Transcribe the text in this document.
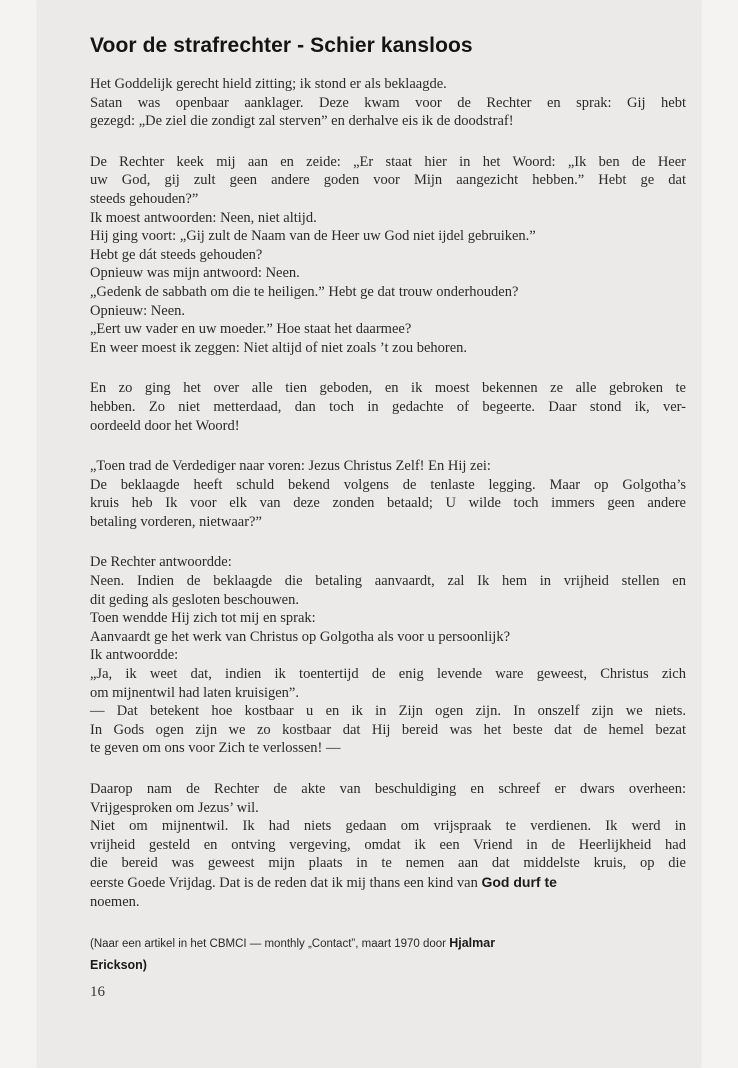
Voor de strafrechter - Schier kansloos
Het Goddelijk gerecht hield zitting; ik stond er als beklaagde.
Satan was openbaar aanklager. Deze kwam voor de Rechter en sprak: Gij hebt
gezegd: „De ziel die zondigt zal sterven” en derhalve eis ik de doodstraf!
De Rechter keek mij aan en zeide: „Er staat hier in het Woord: „Ik ben de Heer
uw God, gij zult geen andere goden voor Mijn aangezicht hebben.” Hebt ge dat
steeds gehouden?”
Ik moest antwoorden: Neen, niet altijd.
Hij ging voort: „Gij zult de Naam van de Heer uw God niet ijdel gebruiken.”
Hebt ge dát steeds gehouden?
Opnieuw was mijn antwoord: Neen.
„Gedenk de sabbath om die te heiligen.” Hebt ge dat trouw onderhouden?
Opnieuw: Neen.
„Eert uw vader en uw moeder.” Hoe staat het daarmee?
En weer moest ik zeggen: Niet altijd of niet zoals ’t zou behoren.
En zo ging het over alle tien geboden, en ik moest bekennen ze alle gebroken te
hebben. Zo niet metterdaad, dan toch in gedachte of begeerte. Daar stond ik, ver-
oordeeld door het Woord!
„Toen trad de Verdediger naar voren: Jezus Christus Zelf! En Hij zei:
De beklaagde heeft schuld bekend volgens de tenlaste legging. Maar op Golgotha’s
kruis heb Ik voor elk van deze zonden betaald; U wilde toch immers geen andere
betaling vorderen, nietwaar?”
De Rechter antwoordde:
Neen. Indien de beklaagde die betaling aanvaardt, zal Ik hem in vrijheid stellen en
dit geding als gesloten beschouwen.
Toen wendde Hij zich tot mij en sprak:
Aanvaardt ge het werk van Christus op Golgotha als voor u persoonlijk?
Ik antwoordde:
„Ja, ik weet dat, indien ik toentertijd de enig levende ware geweest, Christus zich
om mijnentwil had laten kruisigen”.
— Dat betekent hoe kostbaar u en ik in Zijn ogen zijn. In onszelf zijn we niets.
In Gods ogen zijn we zo kostbaar dat Hij bereid was het beste dat de hemel bezat
te geven om ons voor Zich te verlossen! —
Daarop nam de Rechter de akte van beschuldiging en schreef er dwars overheen:
Vrijgesproken om Jezus’ wil.
Niet om mijnentwil. Ik had niets gedaan om vrijspraak te verdienen. Ik werd in
vrijheid gesteld en ontving vergeving, omdat ik een Vriend in de Heerlijkheid had
die bereid was geweest mijn plaats in te nemen aan dat middelste kruis, op die
eerste Goede Vrijdag. Dat is de reden dat ik mij thans een kind van God durf te
noemen.
(Naar een artikel in het CBMCI — monthly „Contact”, maart 1970 door Hjalmar
Erickson)
16
